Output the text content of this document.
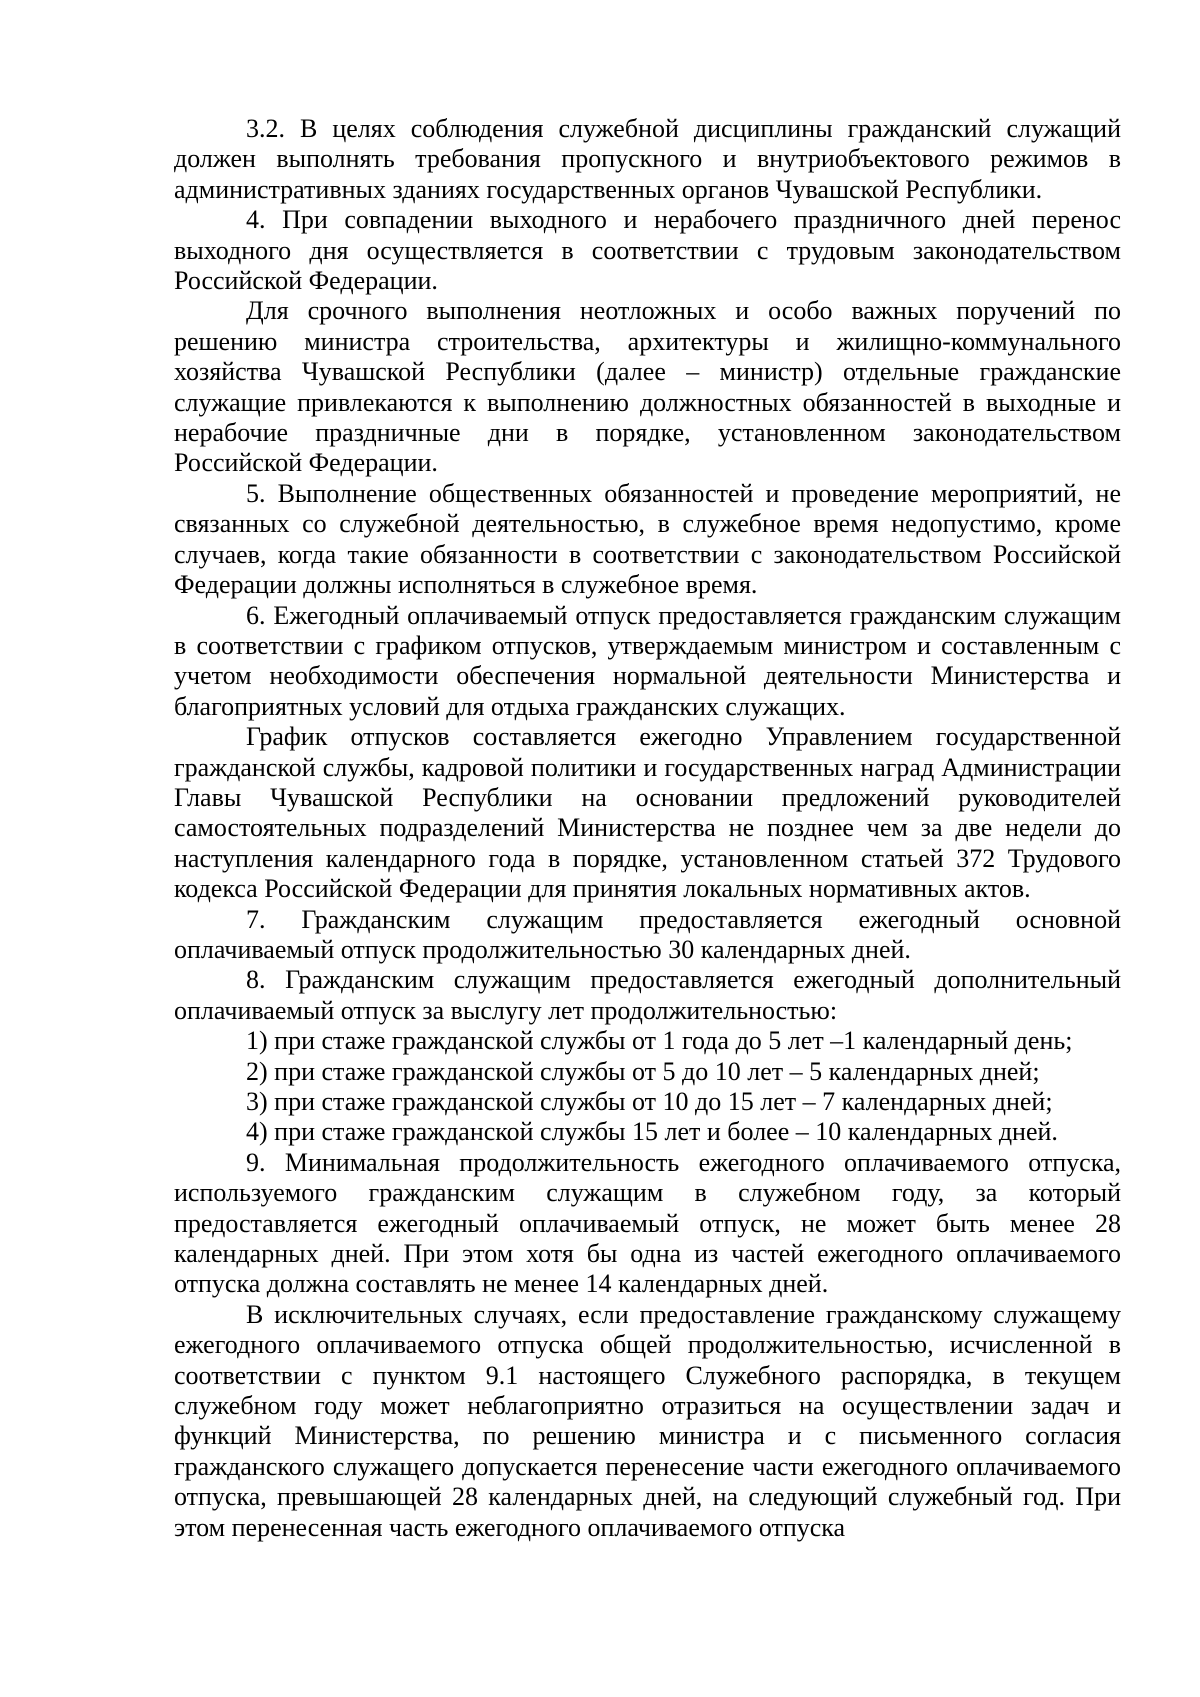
3.2. В целях соблюдения служебной дисциплины гражданский служащий должен выполнять требования пропускного и внутриобъектового режимов в административных зданиях государственных органов Чувашской Республики.

4. При совпадении выходного и нерабочего праздничного дней перенос выходного дня осуществляется в соответствии с трудовым законодательством Российской Федерации.

Для срочного выполнения неотложных и особо важных поручений по решению министра строительства, архитектуры и жилищно-коммунального хозяйства Чувашской Республики (далее – министр) отдельные гражданские служащие привлекаются к выполнению должностных обязанностей в выходные и нерабочие праздничные дни в порядке, установленном законодательством Российской Федерации.

5. Выполнение общественных обязанностей и проведение мероприятий, не связанных со служебной деятельностью, в служебное время недопустимо, кроме случаев, когда такие обязанности в соответствии с законодательством Российской Федерации должны исполняться в служебное время.

6. Ежегодный оплачиваемый отпуск предоставляется гражданским служащим в соответствии с графиком отпусков, утверждаемым министром и составленным с учетом необходимости обеспечения нормальной деятельности Министерства и благоприятных условий для отдыха гражданских служащих.

График отпусков составляется ежегодно Управлением государственной гражданской службы, кадровой политики и государственных наград Администрации Главы Чувашской Республики на основании предложений руководителей самостоятельных подразделений Министерства не позднее чем за две недели до наступления календарного года в порядке, установленном статьей 372 Трудового кодекса Российской Федерации для принятия локальных нормативных актов.

7. Гражданским служащим предоставляется ежегодный основной оплачиваемый отпуск продолжительностью 30 календарных дней.

8. Гражданским служащим предоставляется ежегодный дополнительный оплачиваемый отпуск за выслугу лет продолжительностью:

1) при стаже гражданской службы от 1 года до 5 лет –1 календарный день;

2) при стаже гражданской службы от 5 до 10 лет – 5 календарных дней;

3) при стаже гражданской службы от 10 до 15 лет – 7 календарных дней;

4) при стаже гражданской службы 15 лет и более – 10 календарных дней.

9. Минимальная продолжительность ежегодного оплачиваемого отпуска, используемого гражданским служащим в служебном году, за который предоставляется ежегодный оплачиваемый отпуск, не может быть менее 28 календарных дней. При этом хотя бы одна из частей ежегодного оплачиваемого отпуска должна составлять не менее 14 календарных дней.

В исключительных случаях, если предоставление гражданскому служащему ежегодного оплачиваемого отпуска общей продолжительностью, исчисленной в соответствии с пунктом 9.1 настоящего Служебного распорядка, в текущем служебном году может неблагоприятно отразиться на осуществлении задач и функций Министерства, по решению министра и с письменного согласия гражданского служащего допускается перенесение части ежегодного оплачиваемого отпуска, превышающей 28 календарных дней, на следующий служебный год. При этом перенесенная часть ежегодного оплачиваемого отпуска
